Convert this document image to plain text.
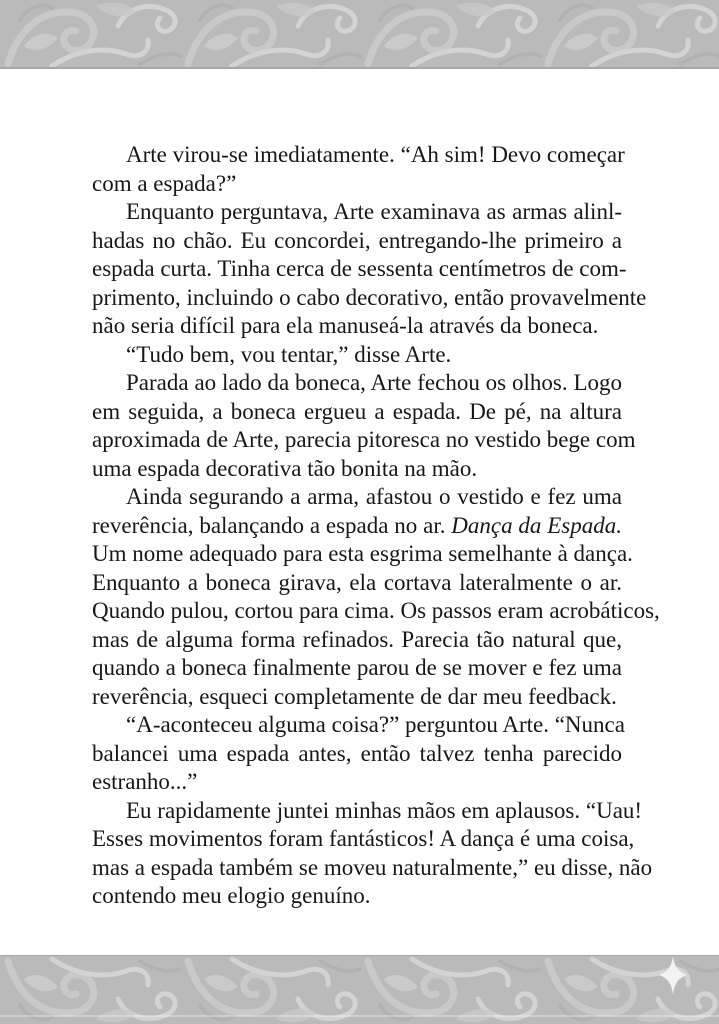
Arte virou-se imediatamente. “Ah sim! Devo começar
com a espada?”
Enquanto perguntava, Arte examinava as armas alinl-
hadas no chão. Eu concordei, entregando-lhe primeiro a
espada curta. Tinha cerca de sessenta centímetros de com-
primento, incluindo o cabo decorativo, então provavelmente
não seria difícil para ela manuseá-la através da boneca.
“Tudo bem, vou tentar,” disse Arte.
Parada ao lado da boneca, Arte fechou os olhos. Logo
em seguida, a boneca ergueu a espada. De pé, na altura
aproximada de Arte, parecia pitoresca no vestido bege com
uma espada decorativa tão bonita na mão.
Ainda segurando a arma, afastou o vestido e fez uma
reverência, balançando a espada no ar. Dança da Espada.
Um nome adequado para esta esgrima semelhante à dança.
Enquanto a boneca girava, ela cortava lateralmente o ar.
Quando pulou, cortou para cima. Os passos eram acrobáticos,
mas de alguma forma refinados. Parecia tão natural que,
quando a boneca finalmente parou de se mover e fez uma
reverência, esqueci completamente de dar meu feedback.
“A-aconteceu alguma coisa?” perguntou Arte. “Nunca
balancei uma espada antes, então talvez tenha parecido
estranho...”
Eu rapidamente juntei minhas mãos em aplausos. “Uau!
Esses movimentos foram fantásticos! A dança é uma coisa,
mas a espada também se moveu naturalmente,” eu disse, não
contendo meu elogio genuíno.
